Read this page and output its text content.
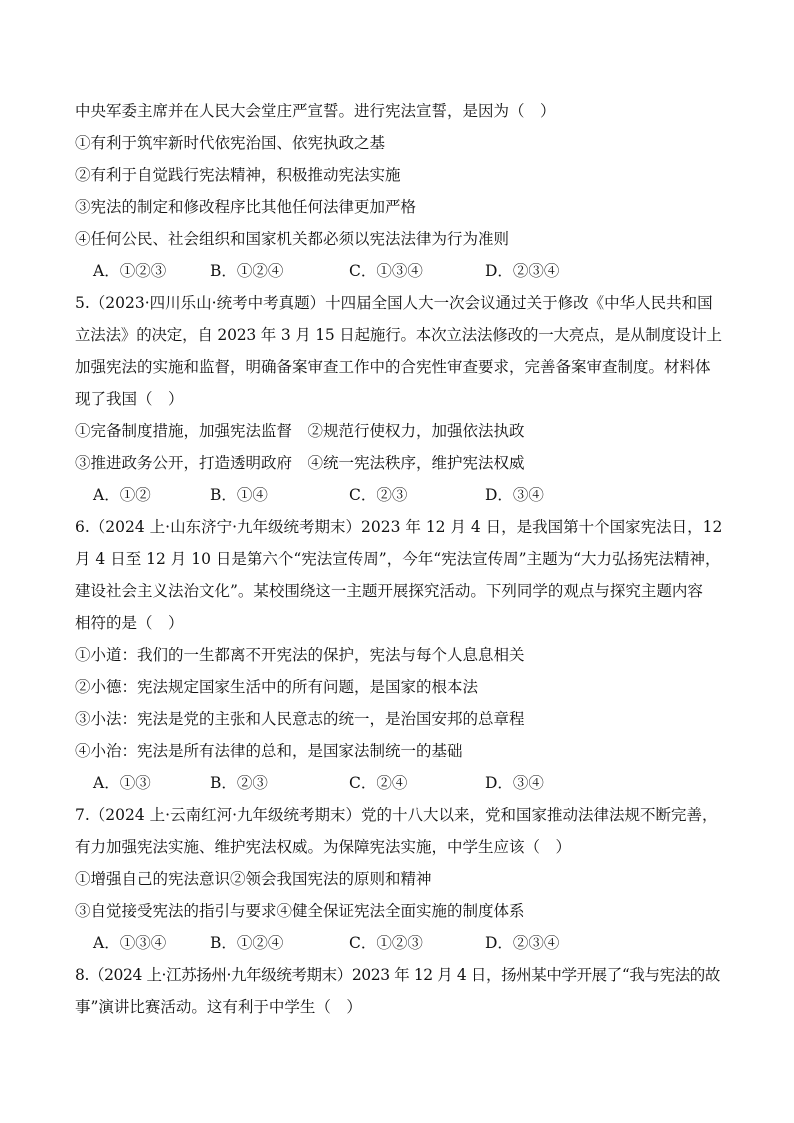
中央军委主席并在人民大会堂庄严宣誓。进行宪法宣誓，是因为（　）
①有利于筑牢新时代依宪治国、依宪执政之基
②有利于自觉践行宪法精神，积极推动宪法实施
③宪法的制定和修改程序比其他任何法律更加严格
④任何公民、社会组织和国家机关都必须以宪法法律为行为准则
A．①②③	B．①②④	C．①③④	D．②③④
5.（2023·四川乐山·统考中考真题）十四届全国人大一次会议通过关于修改《中华人民共和国
立法法》的决定，自 2023 年 3 月 15 日起施行。本次立法法修改的一大亮点，是从制度设计上
加强宪法的实施和监督，明确备案审查工作中的合宪性审查要求，完善备案审查制度。材料体
现了我国（　）
①完备制度措施，加强宪法监督　②规范行使权力，加强依法执政
③推进政务公开，打造透明政府　④统一宪法秩序，维护宪法权威
A．①②	B．①④	C．②③	D．③④
6.（2024 上·山东济宁·九年级统考期末）2023 年 12 月 4 日，是我国第十个国家宪法日，12
月 4 日至 12 月 10 日是第六个“宪法宣传周”，今年“宪法宣传周”主题为“大力弘扬宪法精神，
建设社会主义法治文化”。某校围绕这一主题开展探究活动。下列同学的观点与探究主题内容
相符的是（　）
①小道：我们的一生都离不开宪法的保护，宪法与每个人息息相关
②小德：宪法规定国家生活中的所有问题，是国家的根本法
③小法：宪法是党的主张和人民意志的统一，是治国安邦的总章程
④小治：宪法是所有法律的总和，是国家法制统一的基础
A．①③	B．②③	C．②④	D．③④
7.（2024 上·云南红河·九年级统考期末）党的十八大以来，党和国家推动法律法规不断完善，
有力加强宪法实施、维护宪法权威。为保障宪法实施，中学生应该（　）
①增强自己的宪法意识②领会我国宪法的原则和精神
③自觉接受宪法的指引与要求④健全保证宪法全面实施的制度体系
A．①③④	B．①②④	C．①②③	D．②③④
8.（2024 上·江苏扬州·九年级统考期末）2023 年 12 月 4 日，扬州某中学开展了“我与宪法的故
事”演讲比赛活动。这有利于中学生（　）
